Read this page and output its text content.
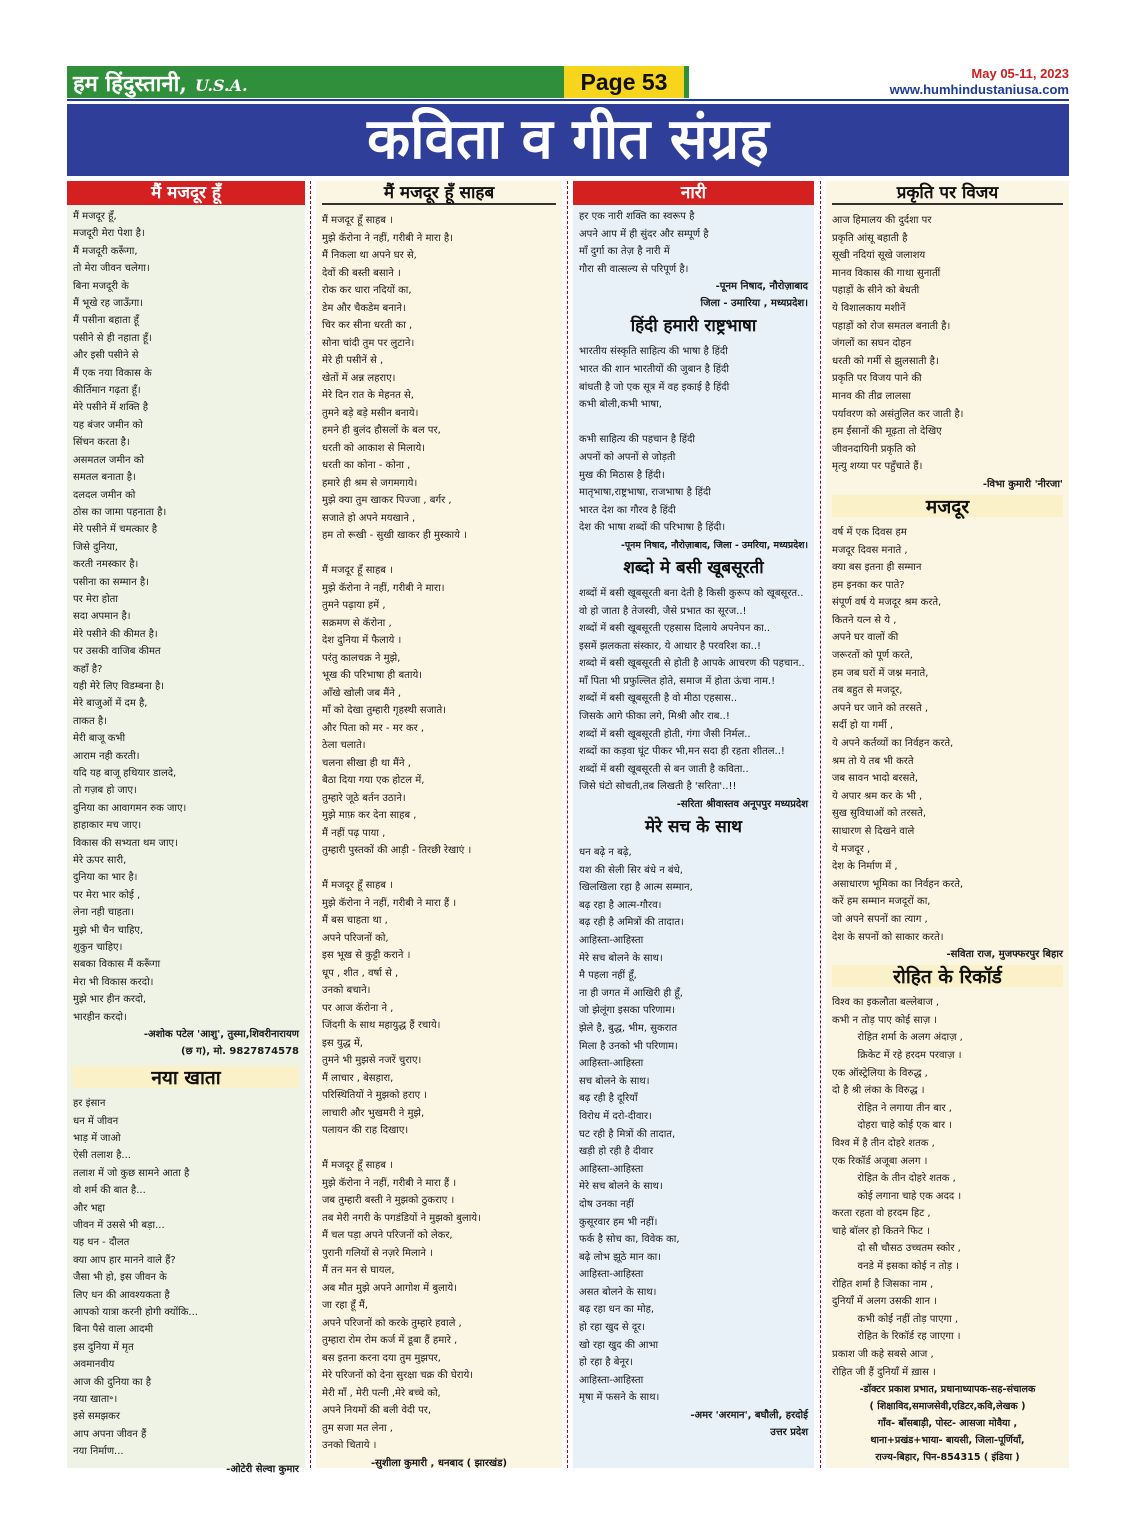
हम हिंदुस्तानी, U.S.A.	Page 53	May 05-11, 2023
www.humhindustaniusa.com
कविता व गीत संग्रह
मैं मजदूर हूँ
मैं मजदूर हूँ,
मजदूरी मेरा पेशा है।
मैं मजदूरी करूँगा,
तो मेरा जीवन चलेगा।
बिना मजदूरी के
मैं भूखे रह जाऊँगा।
मैं पसीना बहाता हूँ
पसीने से ही नहाता हूँ।
और इसी पसीने से
मैं एक नया विकास के
कीर्तिमान गढ़ता हूँ।
मेरे पसीने में शक्ति है
यह बंजर जमीन को
सिंचन करता है।
असमतल जमीन को
समतल बनाता है।
दलदल जमीन को
ठोस का जामा पहनाता है।
मेरे पसीने में चमत्कार है
जिसे दुनिया,
करती नमस्कार है।
पसीना का सम्मान है।
पर मेरा होता
सदा अपमान है।
मेरे पसीने की कीमत है।
पर उसकी वाजिब कीमत
कहाँ है?
यही मेरे लिए विडम्बना है।
मेरे बाजुओं में दम है,
ताकत है।
मेरी बाजू कभी
आराम नही करती।
यदि यह बाजू हथियार डालदे,
तो गज़ब हो जाए।
दुनिया का आवागमन रुक जाए।
हाहाकार मच जाए।
विकास की सभ्यता थम जाए।
मेरे ऊपर सारी,
दुनिया का भार है।
पर मेरा भार कोई ,
लेना नही चाहता।
मुझे भी चैन चाहिए,
शुकुन चाहिए।
सबका विकास मैं करूँगा
मेरा भी विकास करदो।
मुझे भार हीन करदो,
भारहीन करदो।
-अशोक पटेल 'आशु', तुस्मा,शिवरीनारायण
(छ ग), मो. 9827874578
नया खाता
हर इंसान
धन में जीवन
भाड़ में जाओ
ऐसी तलाश है...
तलाश में जो कुछ सामने आता है
वो शर्म की बात है...
और भद्दा
जीवन में उससे भी बड़ा...
यह धन - दौलत
क्या आप हार मानने वाले हैं?
जैसा भी हो, इस जीवन के
लिए धन की आवश्यकता है
आपको यात्रा करनी होगी क्योंकि...
बिना पैसे वाला आदमी
इस दुनिया में मृत
अवमानवीय
आज की दुनिया का है
नया खाता॰।
इसे समझकर
आप अपना जीवन हैं
नया निर्माण...
-ओटेरी सेल्वा कुमार
मैं मजदूर हूँ साहब
मैं मजदूर हूँ साहब ।
मुझे कॅरोना ने नहीं, गरीबी ने मारा है।
मैं निकला था अपने घर से,
देवों की बस्ती बसाने ।
रोक कर धारा नदियों का,
डेम और चैकडेम बनाने।
चिर कर सीना धरती का ,
सोना चांदी तुम पर लुटाने।
मेरे ही पसीनें से ,
खेतों में अन्न लहराए।
मेरे दिन रात के मेहनत से,
तुमने बड़े बड़े मसीन बनाये।
हमने ही बुलंद हौसलों के बल पर,
धरती को आकाश से मिलाये।
धरती का कोना - कोना ,
हमारे ही श्रम से जगमगाये।
मुझे क्या तुम खाकर पिज्जा , बर्गर ,
सजाते हो अपने मयखाने ,
हम तो रूखी - सुखी खाकर ही मुस्काये ।

मैं मजदूर हूँ साहब ।
मुझे कॅरोना ने नहीं, गरीबी ने मारा।
तुमने पढ़ाया हमें ,
सक्रमण से कॅरोना ,
देश दुनिया में फैलाये ।
परंतु कालचक्र ने मुझे,
भूख की परिभाषा ही बताये।
आँखे खोली जब मैंने ,
माँ को देखा तुम्हारी गृहस्थी सजाते।
और पिता को मर - मर कर ,
ठेला चलाते।
चलना सीखा ही था मैंने ,
बैठा दिया गया एक होटल में,
तुम्हारे जूठे बर्तन उठाने।
मुझे माफ़ कर देना साहब ,
मैं नहीं पढ़ पाया ,
तुम्हारी पुस्तकों की आड़ी - तिरछी रेखाएं ।

मैं मजदूर हूँ साहब ।
मुझे कॅरोना ने नहीं, गरीबी ने मारा हैं ।
मैं बस चाहता था ,
अपने परिजनों को,
इस भूख से कुट्टी कराने ।
धूप , शीत , वर्षा से ,
उनको बचाने।
पर आज कॅरोना ने ,
जिंदगी के साथ महायुद्ध हैं रचाये।
इस युद्ध में,
तुमने भी मुझसे नजरें चुराए।
मैं लाचार , बेसहारा,
परिस्थितियों ने मुझको हराए ।
लाचारी और भुखमरी ने मुझे,
पलायन की राह दिखाए।

मैं मजदूर हूँ साहब ।
मुझे कॅरोना ने नहीं, गरीबी ने मारा हैं ।
जब तुम्हारी बस्ती ने मुझको ठुकराए ।
तब मेरी नगरी के पगडंडियों ने मुझको बुलाये।
मैं चल पड़ा अपने परिजनों को लेकर,
पुरानी गलियों से नज़रे मिलाने ।
मैं तन मन से घायल,
अब मौत मुझे अपने आगोश में बुलाये।
जा रहा हूँ मैं,
अपने परिजनों को करके तुम्हारे हवाले ,
तुम्हारा रोम रोम कर्ज में डूबा हैं हमारे ,
बस इतना करना दया तुम मुझपर,
मेरे परिजनों को देना सुरक्षा चक्र की घेराये।
मेरी माँ , मेरी पत्नी ,मेरे बच्चे को,
अपने नियमों की बली वेदी पर,
तुम सजा मत लेना ,
उनको चिताये ।
-सुशीला कुमारी , धनबाद ( झारखंड)
नारी
हर एक नारी शक्ति का स्वरूप है
अपने आप में ही सुंदर और सम्पूर्ण है
माँ दुर्गा का तेज़ है नारी में
गौरा सी वात्सल्य से परिपूर्ण है।
-पूनम निषाद, नौरोज़ाबाद
जिला - उमारिया , मध्यप्रदेश।
हिंदी हमारी राष्ट्रभाषा
भारतीय संस्कृति साहित्य की भाषा है हिंदी
भारत की शान भारतीयों की जुबान है हिंदी
बांधती है जो एक सूत्र में वह इकाई है हिंदी
कभी बोली,कभी भाषा,

कभी साहित्य की पहचान है हिंदी
अपनों को अपनों से जोड़ती
मुख की मिठास है हिंदी।
मातृभाषा,राष्ट्रभाषा, राजभाषा है हिंदी
भारत देश का गौरव है हिंदी
देश की भाषा शब्दों की परिभाषा है हिंदी।
-पूनम निषाद, नौरोज़ाबाद, जिला - उमरिया, मध्यप्रदेश।
शब्दो मे बसी खूबसूरती
शब्दों में बसी खूबसूरती बना देती है किसी कुरूप को खूबसूरत..
वो हो जाता है तेजस्वी, जैसे प्रभात का सूरज..!
शब्दों में बसी खूबसूरती एहसास दिलाये अपनेपन का..
इसमें झलकता संस्कार, ये आधार है परवरिश का..!
शब्दो में बसी खूबसूरती से होती है आपके आचरण की पहचान..
माँ पिता भी प्रफुल्लित होते, समाज में होता ऊंचा नाम.!
शब्दों में बसी खूबसूरती है वो मीठा एहसास..
जिसके आगे फीका लगे, मिश्री और राब..!
शब्दों में बसी खूबसूरती होती, गंगा जैसी निर्मल..
शब्दों का कड़वा घूंट पीकर भी,मन सदा ही रहता शीतल..!
शब्दों में बसी खूबसूरती से बन जाती है कविता..
जिसे घंटो सोचती,तब लिखती है 'सरिता'..!!
-सरिता श्रीवास्तव अनूपपुर मध्यप्रदेश
मेरे सच के साथ
धन बढ़े न बढ़े,
यश की सेली सिर बंधे न बंधे,
खिलखिला रहा है आत्म सम्मान,
बढ़ रहा है आत्म-गौरव।
बढ़ रही है अमित्रों की तादात।
आहिस्ता-आहिस्ता
मेरे सच बोलने के साथ।
मै पहला नहीं हूँ,
ना ही जगत में आखिरी ही हूँ,
जो झेलूंगा इसका परिणाम।
झेले है, बुद्ध, भीम, सुकरात
मिला है उनको भी परिणाम।
आहिस्ता-आहिस्ता
सच बोलने के साथ।
बढ़ रही है दूरियाँ
विरोध में दरो-दीवार।
घट रही है मित्रों की तादात,
खड़ी हो रही है दीवार
आहिस्ता-आहिस्ता
मेरे सच बोलने के साथ।
दोष उनका नहीं
कुसूरवार हम भी नहीं।
फर्क है सोच का, विवेक का,
बढ़े लोभ झूठे मान का।
आहिस्ता-आहिस्ता
असत बोलने के साथ।
बढ़ रहा धन का मोह,
हो रहा खुद से दूर।
खो रहा खुद की आभा
हो रहा है बेनूर।
आहिस्ता-आहिस्ता
मृषा में फसने के साथ।
-अमर 'अरमान', बघौली, हरदोई
उत्तर प्रदेश
प्रकृति पर विजय
आज हिमालय की दुर्दशा पर
प्रकृति आंसू बहाती है
सूखी नदियां सूखे जलाशय
मानव विकास की गाथा सुनातीं
पहाड़ों के सीने को बेधती
ये विशालकाय मशीनें
पहाड़ों को रोज समतल बनाती है।
जंगलों का सघन दोहन
धरती को गर्मी से झुलसाती है।
प्रकृति पर विजय पाने की
मानव की तीव्र लालसा
पर्यावरण को असंतुलित कर जाती है।
हम ईंसानों की मूढ़ता तो देखिए
जीवनदायिनी प्रकृति को
मृत्यु शय्या पर पहुँचाते हैं।
-विभा कुमारी 'नीरजा'
मजदूर
वर्ष में एक दिवस हम
मजदूर दिवस मनाते ,
क्या बस इतना ही सम्मान
हम इनका कर पाते?
संपूर्ण वर्ष ये मजदूर श्रम करते,
कितने यत्न से ये ,
अपने घर वालों की
जरूरतों को पूर्ण करते,
हम जब घरों में जश्न मनाते,
तब बहुत से मजदूर,
अपने घर जाने को तरसते ,
सर्दी हो या गर्मी ,
ये अपने कर्तव्यों का निर्वहन करते,
श्रम तो ये तब भी करते
जब सावन भादो बरसते,
ये अपार श्रम कर के भी ,
सुख सुविधाओं को तरसते,
साधारण से दिखने वाले
ये मजदूर ,
देश के निर्माण में ,
असाधारण भूमिका का निर्वहन करते,
करें हम सम्मान मजदूरों का,
जो अपने सपनों का त्याग ,
देश के सपनों को साकार करते।
-सविता राज, मुजफ्फरपुर बिहार
रोहित के रिकॉर्ड
विश्व का इकलौता बल्लेबाज ,
कभी न तोड़ पाए कोई साज़ ।
रोहित शर्मा के अलग अंदाज़ ,
क्रिकेट में रहे हरदम परवाज़ ।
एक ऑस्ट्रेलिया के विरुद्ध ,
दो है श्री लंका के विरुद्ध ।
रोहित ने लगाया तीन बार ,
दोहरा चाहे कोई एक बार ।
विश्व में है तीन दोहरे शतक ,
एक रिकॉर्ड अजूबा अलग ।
रोहित के तीन दोहरे शतक ,
कोई लगाना चाहे एक अदद ।
करता रहता वो हरदम हिट ,
चाहे बॉलर हो कितने फिट ।
दो सौ चौसठ उच्चतम स्कोर ,
वनडे में इसका कोई न तोड़ ।
रोहित शर्मा है जिसका नाम ,
दुनियाँ में अलग उसकी शान ।
कभी कोई नहीं तोड़ पाएगा ,
रोहित के रिकॉर्ड रह जाएगा ।
प्रकाश जी कहे सबसे आज ,
रोहित जी हैं दुनियाँ में ख़ास ।
-डॉक्टर प्रकाश प्रभात, प्रधानाध्यापक-सह-संचालक
( शिक्षाविद,समाजसेवी,एडिटर,कवि,लेखक )
गाँव- बाँसबाड़ी, पोस्ट- आसजा मोवैया ,
थाना+प्रखंड+भाया- बायसी, जिला-पूर्णियाँ,
राज्य-बिहार, पिन-854315 ( इंडिया )
